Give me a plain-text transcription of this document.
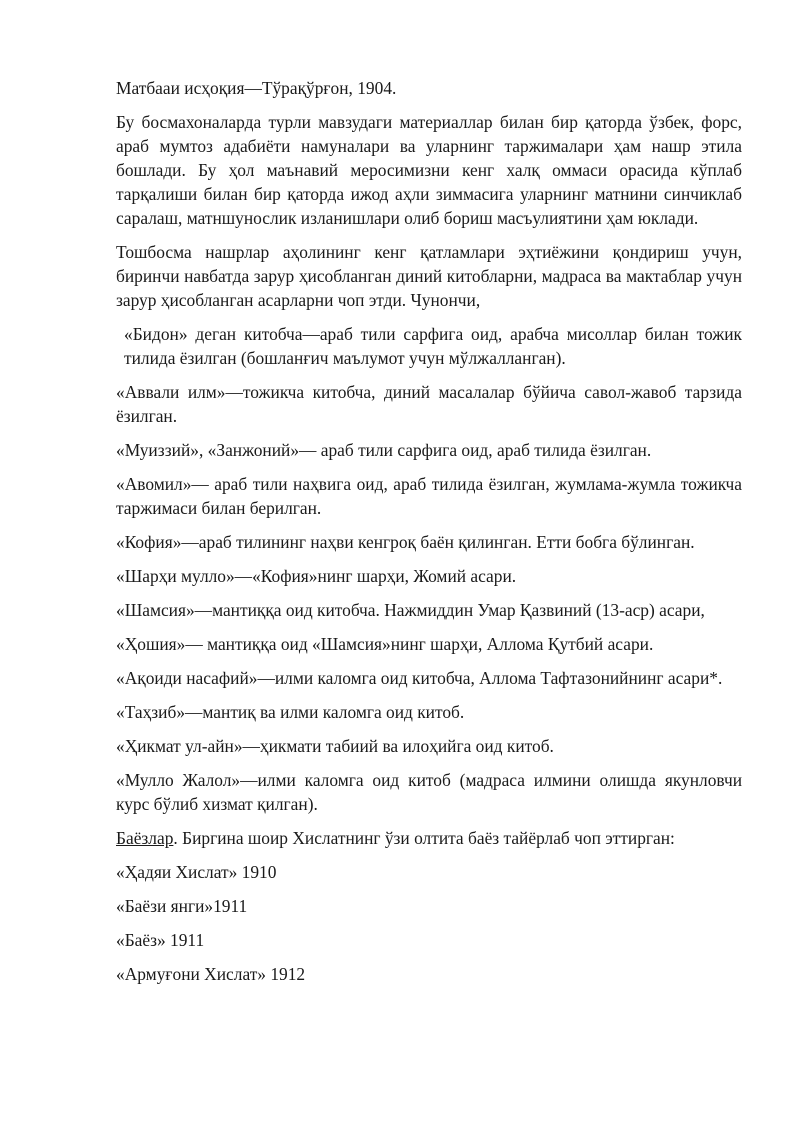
Матбааи исҳоқия—Тўрақўрғон, 1904.

Бу босмахоналарда турли мавзудаги материаллар билан бир қаторда ўзбек, форс, араб мумтоз адабиёти намуналари ва уларнинг таржималари ҳам нашр этила бошлади. Бу ҳол маънавий меросимизни кенг халқ оммаси орасида кўплаб тарқалиши билан бир қаторда ижод аҳли зиммасига уларнинг матнини синчиклаб саралаш, матншунослик изланишлари олиб бориш масъулиятини ҳам юклади.

Тошбосма нашрлар аҳолининг кенг қатламлари эҳтиёжини қондириш учун, биринчи навбатда зарур ҳисобланган диний китобларни, мадраса ва мактаблар учун зарур ҳисобланган асарларни чоп этди. Чунончи,

«Бидон» деган китобча—араб тили сарфига оид, арабча мисоллар билан тожик тилида ёзилган (бошланғич маълумот учун мўлжалланган).

«Аввали илм»—тожикча китобча, диний масалалар бўйича савол-жавоб тарзида ёзилган.

«Муиззий», «Занжоний»— араб тили сарфига оид, араб тилида ёзилган.

«Авомил»— араб тили наҳвига оид, араб тилида ёзилган, жумлама-жумла тожикча таржимаси билан берилган.

«Кофия»—араб тилининг наҳви кенгроқ баён қилинган. Етти бобга бўлинган.

«Шарҳи мулло»—«Кофия»нинг шарҳи, Жомий асари.

«Шамсия»—мантиққа оид китобча. Нажмиддин Умар Қазвиний (13-аср) асари,

«Ҳошия»— мантиққа оид «Шамсия»нинг шарҳи, Аллома Қутбий асари.

«Ақоиди насафий»—илми каломга оид китобча, Аллома Тафтазонийнинг асари*.

«Таҳзиб»—мантиқ ва илми каломга оид китоб.

«Ҳикмат ул-айн»—ҳикмати табиий ва илоҳийга оид китоб.

«Мулло Жалол»—илми каломга оид китоб (мадраса илмини олишда якунловчи курс бўлиб хизмат қилган).

Баёзлар. Биргина шоир Хислатнинг ўзи олтита баёз тайёрлаб чоп эттирган:

«Ҳадяи Хислат» 1910

«Баёзи янги»1911

«Баёз» 1911

«Армуғони Хислат» 1912
